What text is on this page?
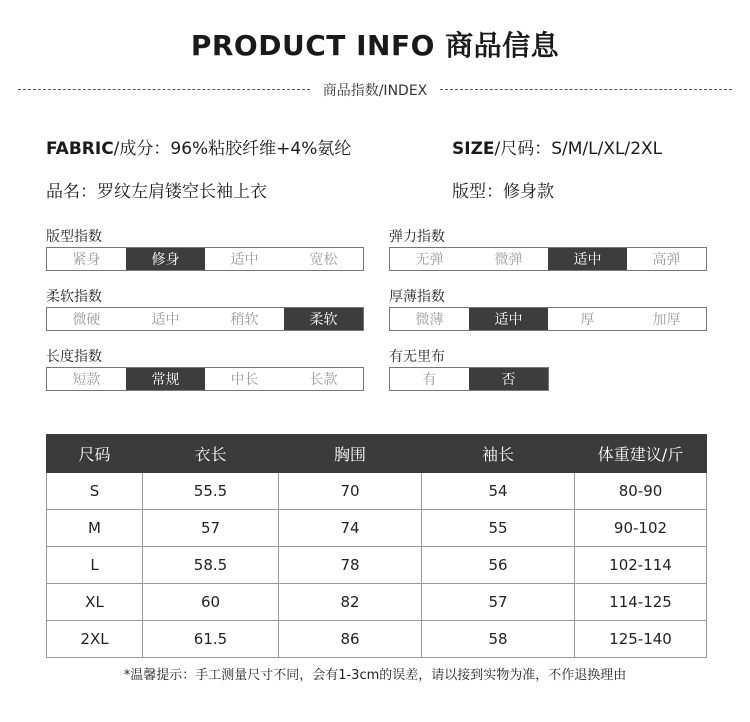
PRODUCT INFO 商品信息
商品指数/INDEX
FABRIC/成分：96%粘胶纤维+4%氨纶	SIZE/尺码：S/M/L/XL/2XL
品名：罗纹左肩镂空长袖上衣	版型：修身款
版型指数
紧身	修身	适中	宽松
弹力指数
无弹	微弹	适中	高弹
柔软指数
微硬	适中	稍软	柔软
厚薄指数
微薄	适中	厚	加厚
长度指数
短款	常规	中长	长款
有无里布
有	否
尺码	衣长	胸围	袖长	体重建议/斤
S	55.5	70	54	80-90
M	57	74	55	90-102
L	58.5	78	56	102-114
XL	60	82	57	114-125
2XL	61.5	86	58	125-140
*温馨提示：手工测量尺寸不同，会有1-3cm的误差，请以接到实物为准，不作退换理由
